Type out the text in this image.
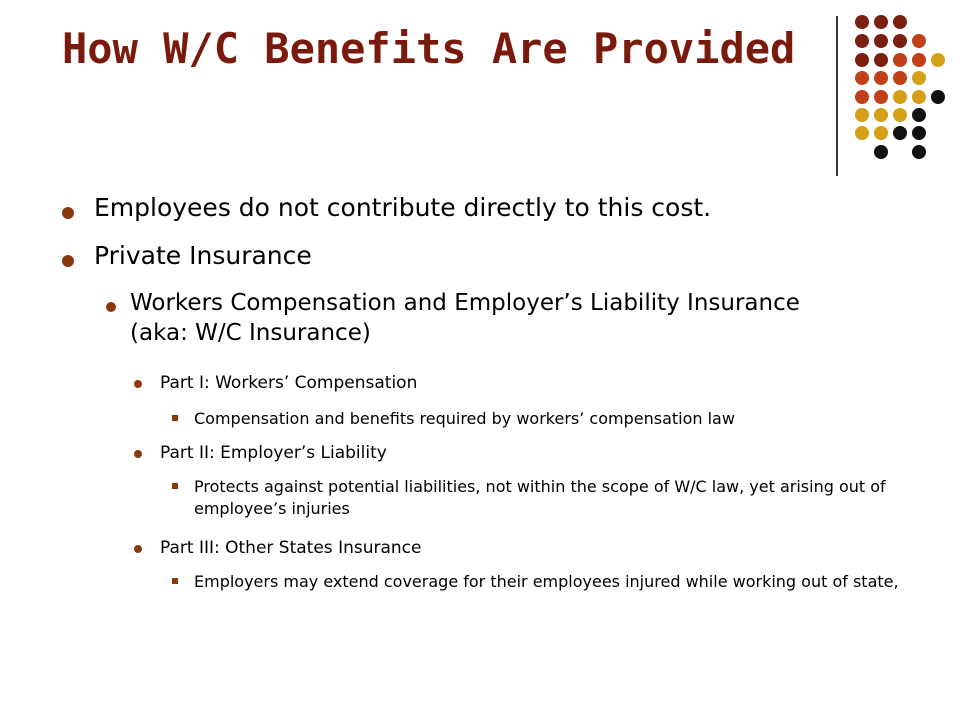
How W/C Benefits Are Provided
Employees do not contribute directly to this cost.
Private Insurance
Workers Compensation and Employer’s Liability Insurance (aka: W/C Insurance)
Part I: Workers’ Compensation
Compensation and benefits required by workers’ compensation law
Part II: Employer’s Liability
Protects against potential liabilities, not within the scope of W/C law, yet arising out of employee’s injuries
Part III: Other States Insurance
Employers may extend coverage for their employees injured while working out of state,
